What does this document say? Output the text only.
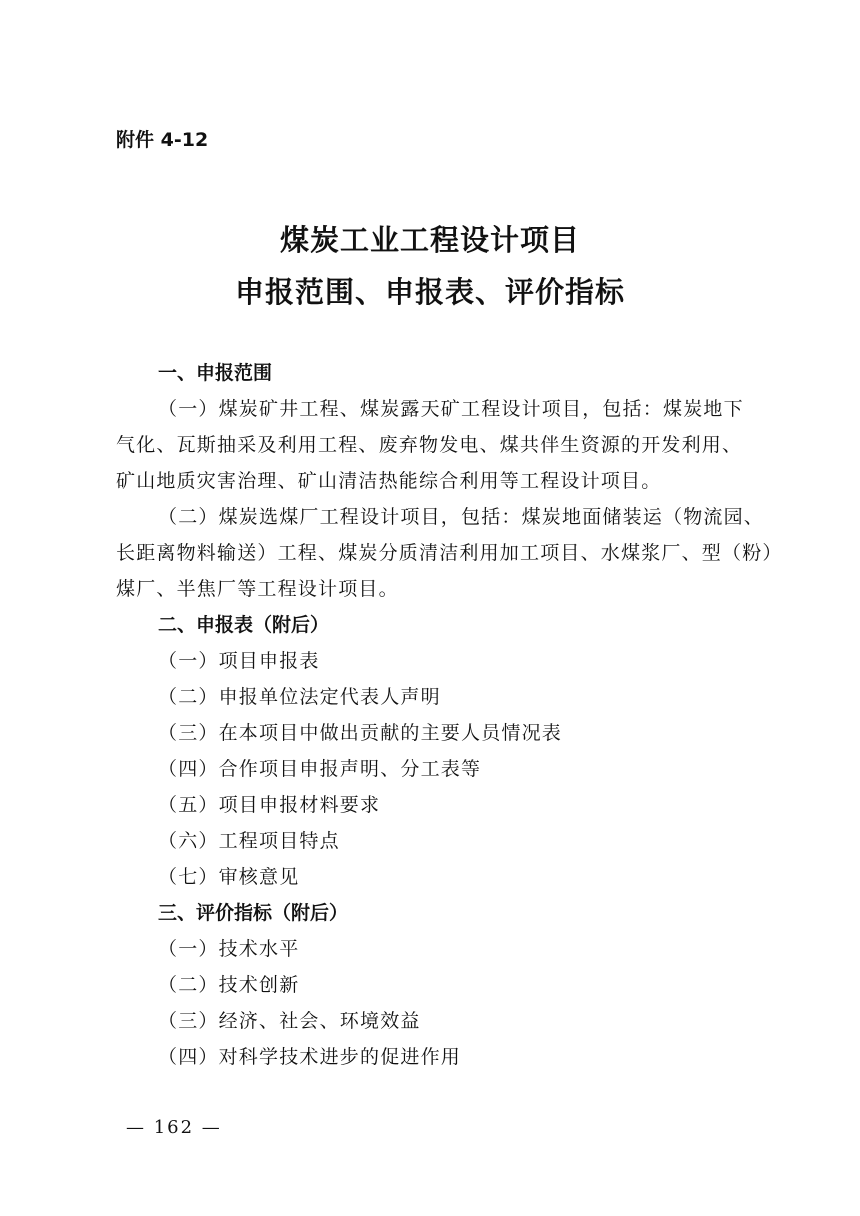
附件 4-12
煤炭工业工程设计项目
申报范围、申报表、评价指标
一、申报范围
（一）煤炭矿井工程、煤炭露天矿工程设计项目，包括：煤炭地下
气化、瓦斯抽采及利用工程、废弃物发电、煤共伴生资源的开发利用、
矿山地质灾害治理、矿山清洁热能综合利用等工程设计项目。
（二）煤炭选煤厂工程设计项目，包括：煤炭地面储装运（物流园、
长距离物料输送）工程、煤炭分质清洁利用加工项目、水煤浆厂、型（粉）
煤厂、半焦厂等工程设计项目。
二、申报表（附后）
（一）项目申报表
（二）申报单位法定代表人声明
（三）在本项目中做出贡献的主要人员情况表
（四）合作项目申报声明、分工表等
（五）项目申报材料要求
（六）工程项目特点
（七）审核意见
三、评价指标（附后）
（一）技术水平
（二）技术创新
（三）经济、社会、环境效益
（四）对科学技术进步的促进作用
— 162 —
